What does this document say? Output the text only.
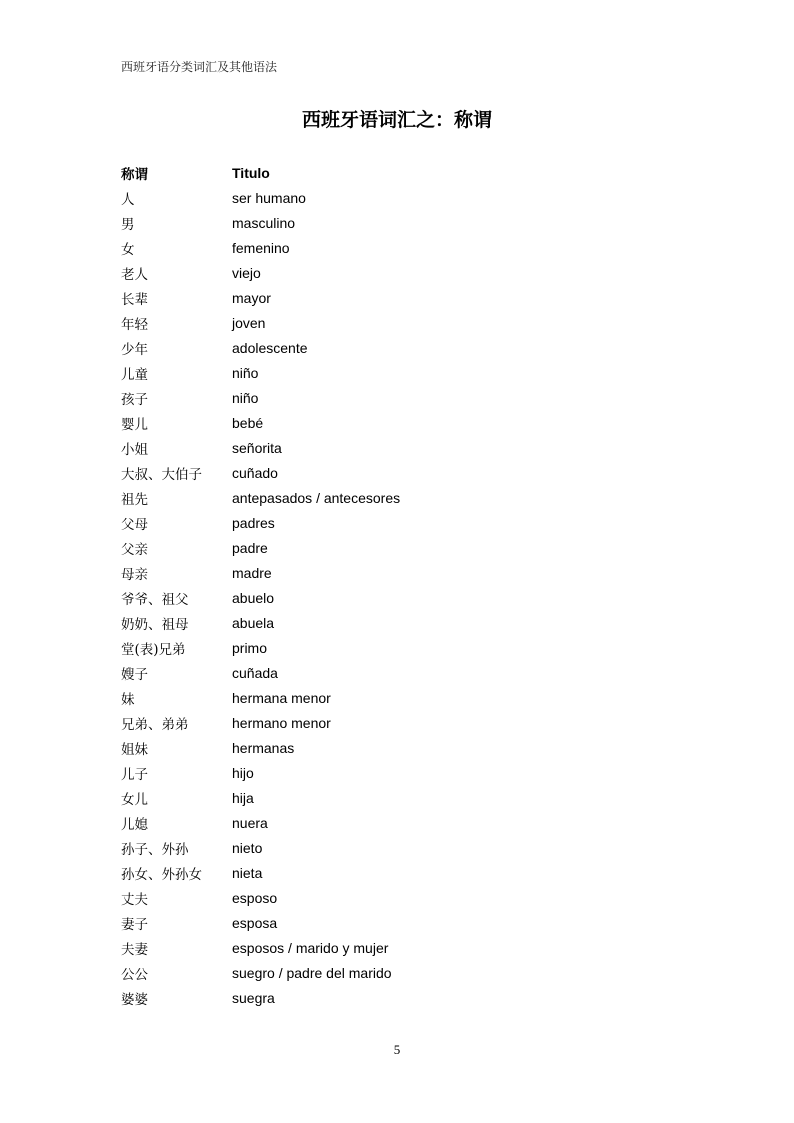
西班牙语分类词汇及其他语法
西班牙语词汇之：称谓
称谓	Titulo
人	ser humano
男	masculino
女	femenino
老人	viejo
长辈	mayor
年轻	joven
少年	adolescente
儿童	niño
孩子	niño
婴儿	bebé
小姐	señorita
大叔、大伯子	cuñado
祖先	antepasados / antecesores
父母	padres
父亲	padre
母亲	madre
爷爷、祖父	abuelo
奶奶、祖母	abuela
堂(表)兄弟	primo
嫂子	cuñada
妹	hermana menor
兄弟、弟弟	hermano menor
姐妹	hermanas
儿子	hijo
女儿	hija
儿媳	nuera
孙子、外孙	nieto
孙女、外孙女	nieta
丈夫	esposo
妻子	esposa
夫妻	esposos / marido y mujer
公公	suegro / padre del marido
婆婆	suegra
5
